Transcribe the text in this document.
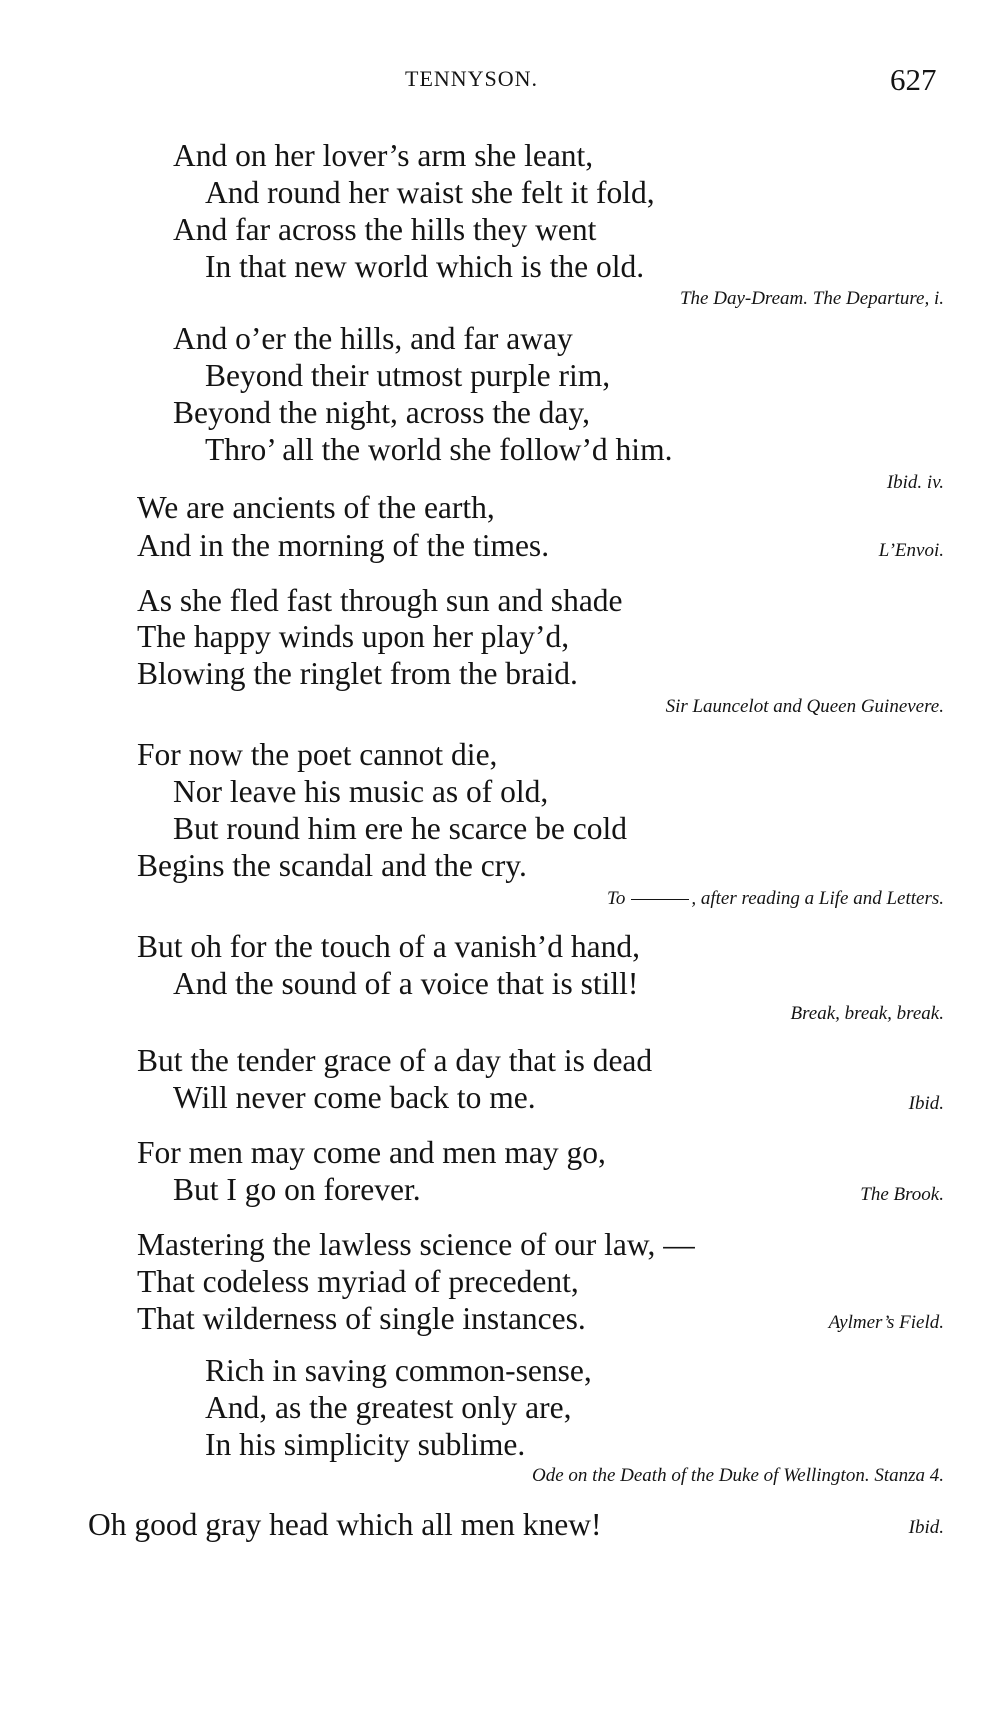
TENNYSON.	627
And on her lover’s arm she leant,
And round her waist she felt it fold,
And far across the hills they went
In that new world which is the old.
The Day-Dream. The Departure, i.
And o’er the hills, and far away
Beyond their utmost purple rim,
Beyond the night, across the day,
Thro’ all the world she follow’d him.
Ibid. iv.
We are ancients of the earth,
And in the morning of the times.	L’Envoi.
As she fled fast through sun and shade
The happy winds upon her play’d,
Blowing the ringlet from the braid.
Sir Launcelot and Queen Guinevere.
For now the poet cannot die,
Nor leave his music as of old,
But round him ere he scarce be cold
Begins the scandal and the cry.
To	, after reading a Life and Letters.
But oh for the touch of a vanish’d hand,
And the sound of a voice that is still!
Break, break, break.
But the tender grace of a day that is dead
Will never come back to me.	Ibid.
For men may come and men may go,
But I go on forever.	The Brook.
Mastering the lawless science of our law, —
That codeless myriad of precedent,
That wilderness of single instances.	Aylmer’s Field.
Rich in saving common-sense,
And, as the greatest only are,
In his simplicity sublime.
Ode on the Death of the Duke of Wellington. Stanza 4.
Oh good gray head which all men knew!	Ibid.
